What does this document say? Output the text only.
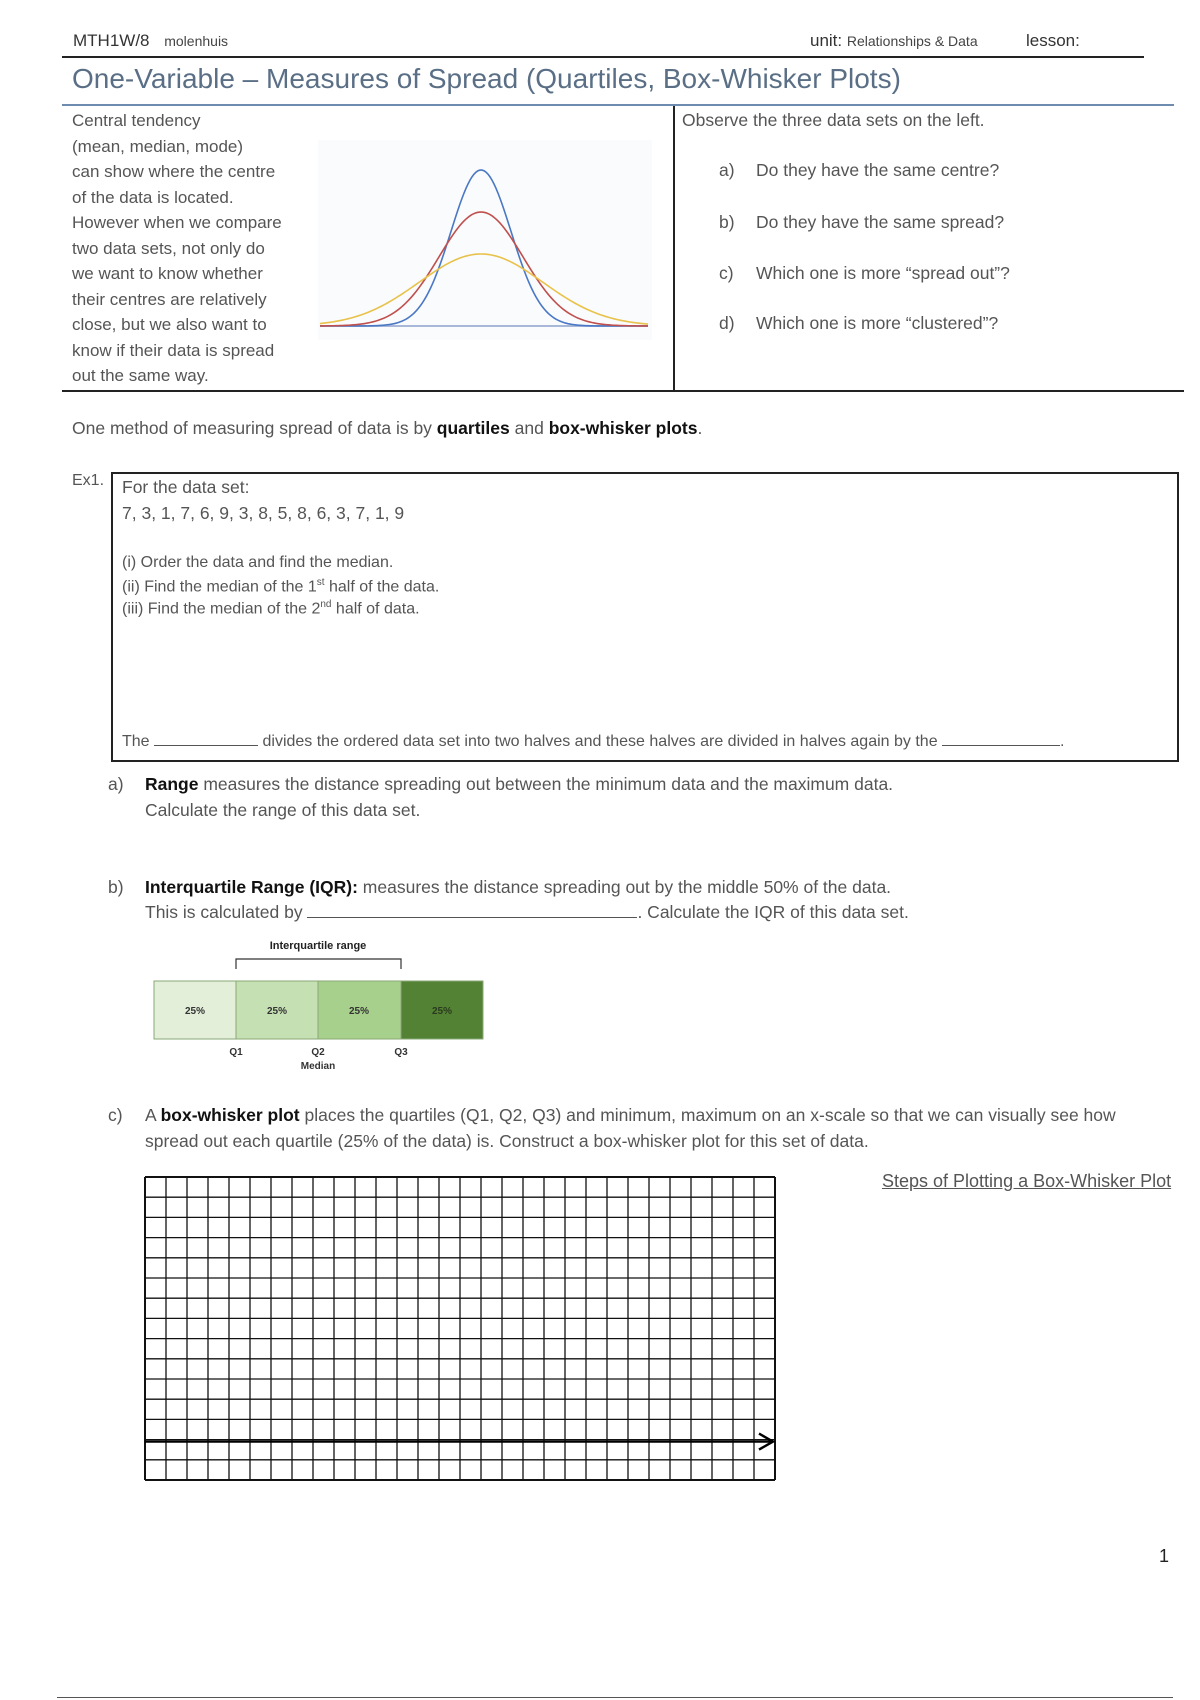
MTH1W/8 molenhuis	unit: Relationships & Data	lesson:
One-Variable – Measures of Spread (Quartiles, Box-Whisker Plots)
Central tendency
(mean, median, mode)
can show where the centre
of the data is located.
However when we compare
two data sets, not only do
we want to know whether
their centres are relatively
close, but we also want to
know if their data is spread
out the same way.
Observe the three data sets on the left.
a) Do they have the same centre?
b) Do they have the same spread?
c) Which one is more “spread out”?
d) Which one is more “clustered”?
One method of measuring spread of data is by quartiles and box-whisker plots.
Ex1. For the data set:
7, 3, 1, 7, 6, 9, 3, 8, 5, 8, 6, 3, 7, 1, 9
(i) Order the data and find the median.
(ii) Find the median of the 1st half of the data.
(iii) Find the median of the 2nd half of data.
The	divides the ordered data set into two halves and these halves are divided in halves again by the	.
a) Range measures the distance spreading out between the minimum data and the maximum data.
Calculate the range of this data set.
b) Interquartile Range (IQR): measures the distance spreading out by the middle 50% of the data.
This is calculated by	. Calculate the IQR of this data set.
Interquartile range
25%	25%	25%	25%
Q1	Q2
Median
Q3
c) A box-whisker plot places the quartiles (Q1, Q2, Q3) and minimum, maximum on an x-scale so that we can visually see how
spread out each quartile (25% of the data) is. Construct a box-whisker plot for this set of data.
Steps of Plotting a Box-Whisker Plot
1
